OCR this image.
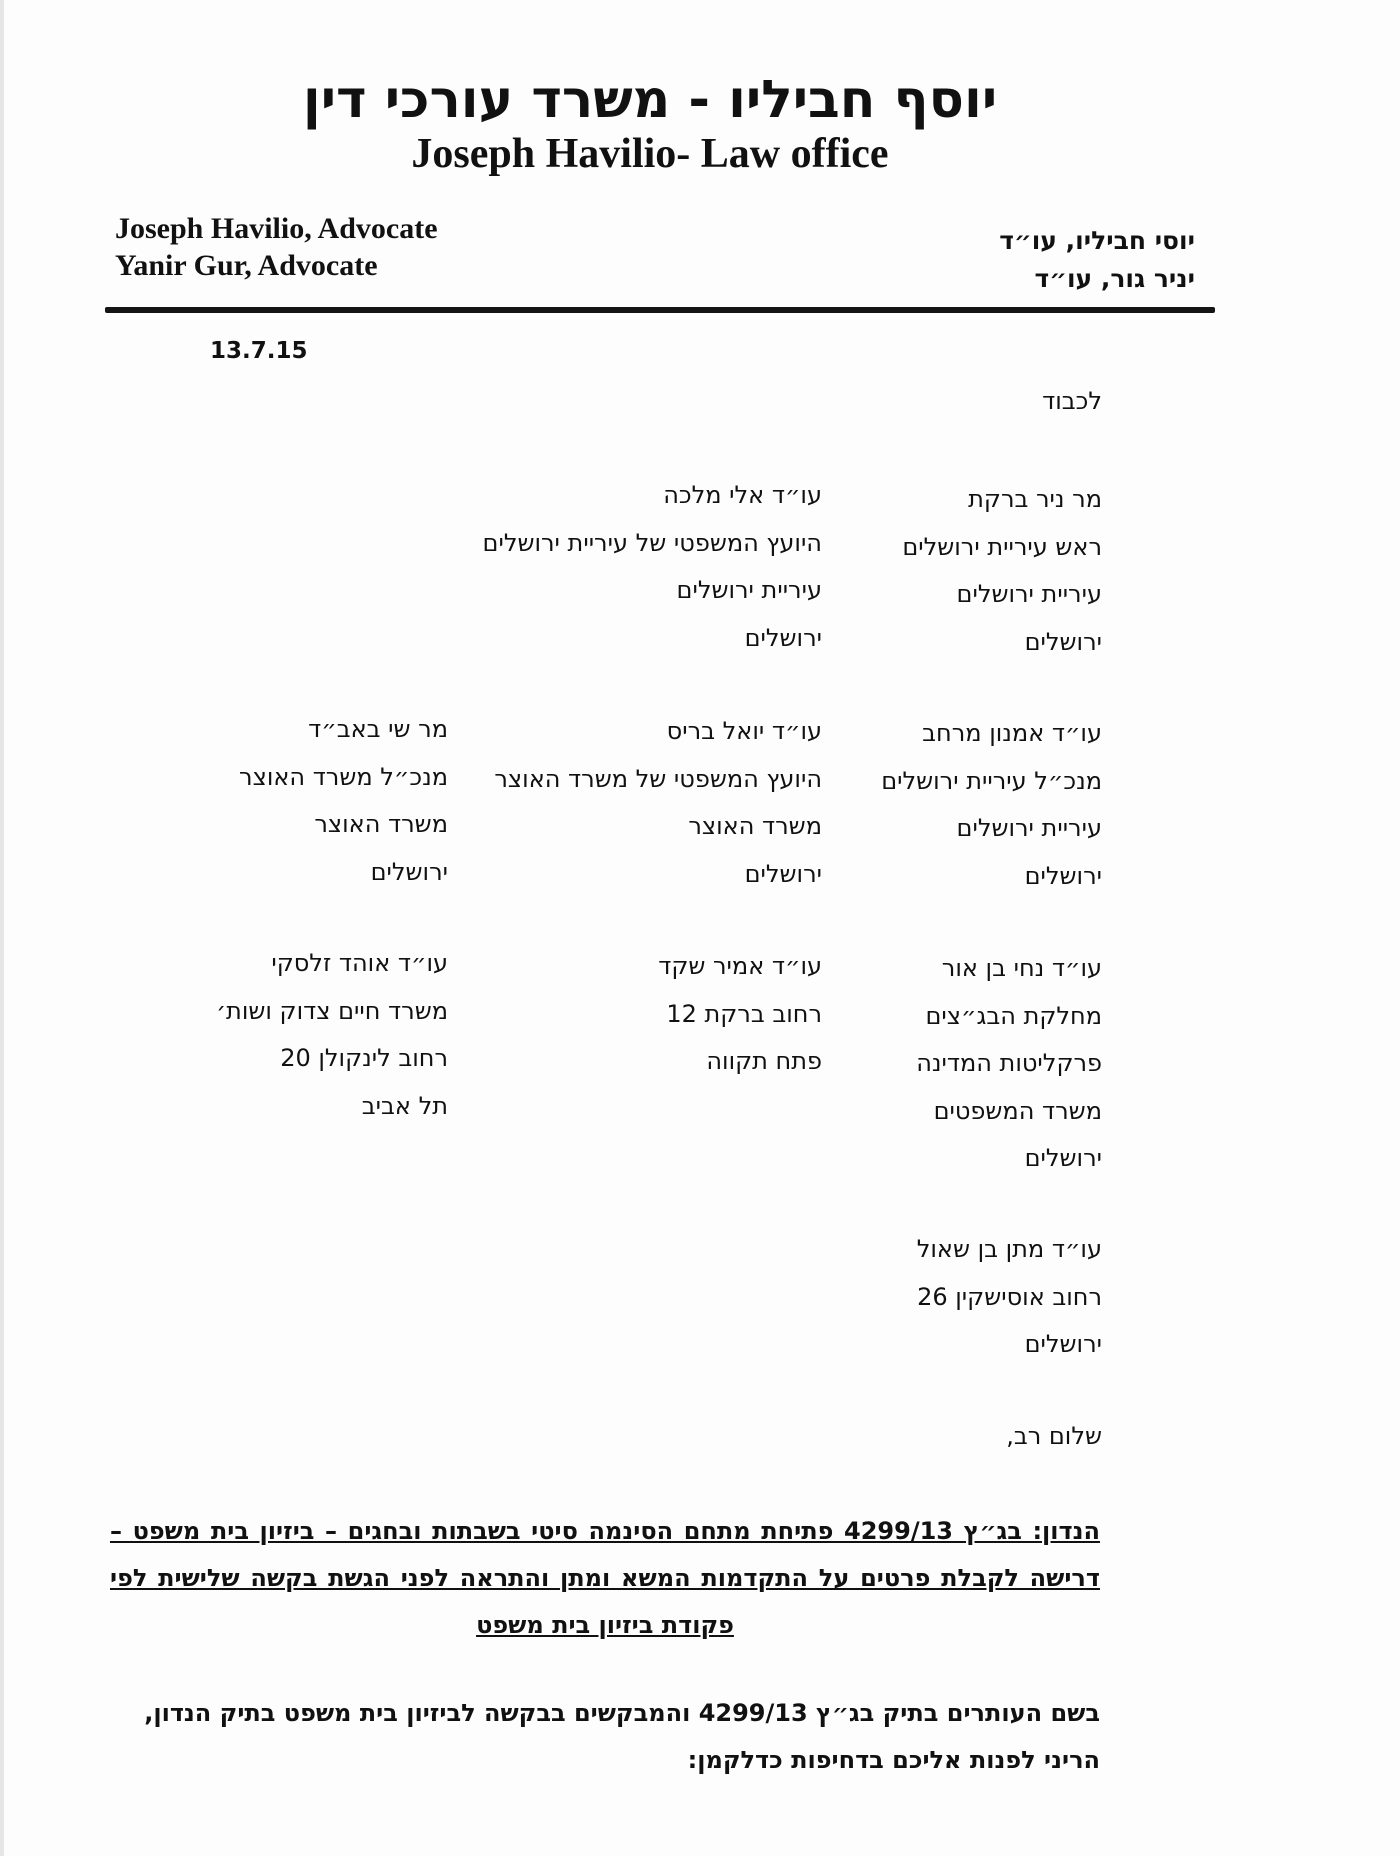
יוסף חביליו - משרד עורכי דין
Joseph Havilio- Law office
Joseph Havilio, Advocate
Yanir Gur, Advocate
יוסי חביליו, עו״ד
יניר גור, עו״ד
13.7.15
לכבוד
מר ניר ברקת
ראש עיריית ירושלים
עיריית ירושלים
ירושלים
עו״ד אלי מלכה
היועץ המשפטי של עיריית ירושלים
עיריית ירושלים
ירושלים
עו״ד אמנון מרחב
מנכ״ל עיריית ירושלים
עיריית ירושלים
ירושלים
עו״ד יואל בריס
היועץ המשפטי של משרד האוצר
משרד האוצר
ירושלים
מר שי באב״ד
מנכ״ל משרד האוצר
משרד האוצר
ירושלים
עו״ד נחי בן אור
מחלקת הבג״צים
פרקליטות המדינה
משרד המשפטים
ירושלים
עו״ד אמיר שקד
רחוב ברקת 12
פתח תקווה
עו״ד אוהד זלסקי
משרד חיים צדוק ושות׳
רחוב לינקולן 20
תל אביב
עו״ד מתן בן שאול
רחוב אוסישקין 26
ירושלים
שלום רב,
הנדון: בג״ץ 4299/13 פתיחת מתחם הסינמה סיטי בשבתות ובחגים – ביזיון בית משפט –
דרישה לקבלת פרטים על התקדמות המשא ומתן והתראה לפני הגשת בקשה שלישית לפי
פקודת ביזיון בית משפט
בשם העותרים בתיק בג״ץ 4299/13 והמבקשים בבקשה לביזיון בית משפט בתיק הנדון,
הריני לפנות אליכם בדחיפות כדלקמן:
